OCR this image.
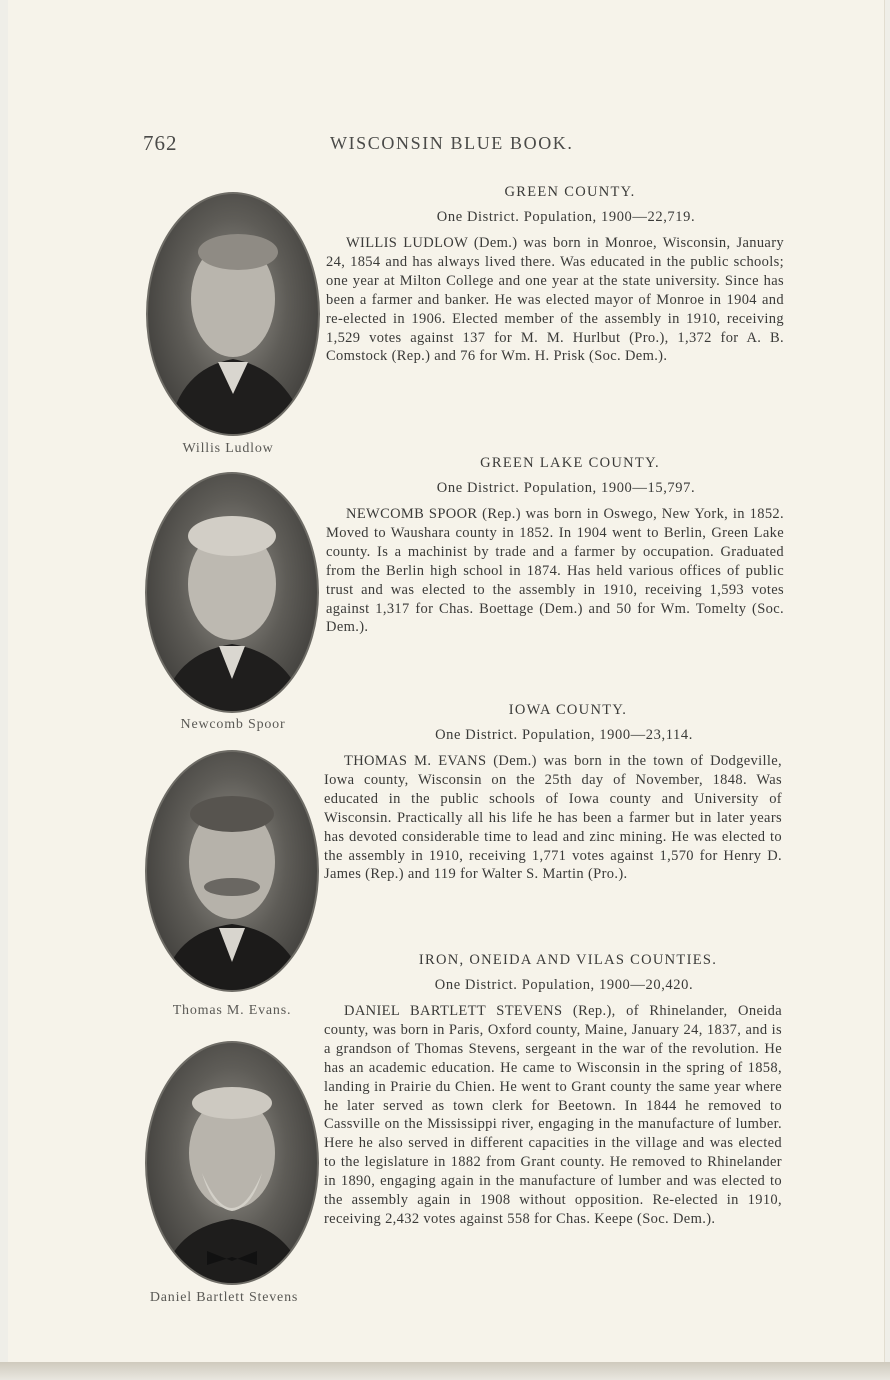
762	WISCONSIN BLUE BOOK.
Willis Ludlow
Newcomb Spoor
Thomas M. Evans.
Daniel Bartlett Stevens
GREEN COUNTY.
One District. Population, 1900—22,719.

WILLIS LUDLOW (Dem.) was born in Monroe, Wisconsin, January 24, 1854 and has always lived there. Was educated in the public schools; one year at Milton College and one year at the state university. Since has been a farmer and banker. He was elected mayor of Monroe in 1904 and re-elected in 1906. Elected member of the assembly in 1910, receiving 1,529 votes against 137 for M. M. Hurlbut (Pro.), 1,372 for A. B. Comstock (Rep.) and 76 for Wm. H. Prisk (Soc. Dem.).

GREEN LAKE COUNTY.
One District. Population, 1900—15,797.

NEWCOMB SPOOR (Rep.) was born in Oswego, New York, in 1852. Moved to Waushara county in 1852. In 1904 went to Berlin, Green Lake county. Is a machinist by trade and a farmer by occupation. Graduated from the Berlin high school in 1874. Has held various offices of public trust and was elected to the assembly in 1910, receiving 1,593 votes against 1,317 for Chas. Boettage (Dem.) and 50 for Wm. Tomelty (Soc. Dem.).

IOWA COUNTY.
One District. Population, 1900—23,114.

THOMAS M. EVANS (Dem.) was born in the town of Dodgeville, Iowa county, Wisconsin on the 25th day of November, 1848. Was educated in the public schools of Iowa county and University of Wisconsin. Practically all his life he has been a farmer but in later years has devoted considerable time to lead and zinc mining. He was elected to the assembly in 1910, receiving 1,771 votes against 1,570 for Henry D. James (Rep.) and 119 for Walter S. Martin (Pro.).

IRON, ONEIDA AND VILAS COUNTIES.
One District. Population, 1900—20,420.

DANIEL BARTLETT STEVENS (Rep.), of Rhinelander, Oneida county, was born in Paris, Oxford county, Maine, January 24, 1837, and is a grandson of Thomas Stevens, sergeant in the war of the revolution. He has an academic education. He came to Wisconsin in the spring of 1858, landing in Prairie du Chien. He went to Grant county the same year where he later served as town clerk for Beetown. In 1844 he removed to Cassville on the Mississippi river, engaging in the manufacture of lumber. Here he also served in different capacities in the village and was elected to the legislature in 1882 from Grant county. He removed to Rhinelander in 1890, engaging again in the manufacture of lumber and was elected to the assembly again in 1908 without opposition. Re-elected in 1910, receiving 2,432 votes against 558 for Chas. Keepe (Soc. Dem.).
